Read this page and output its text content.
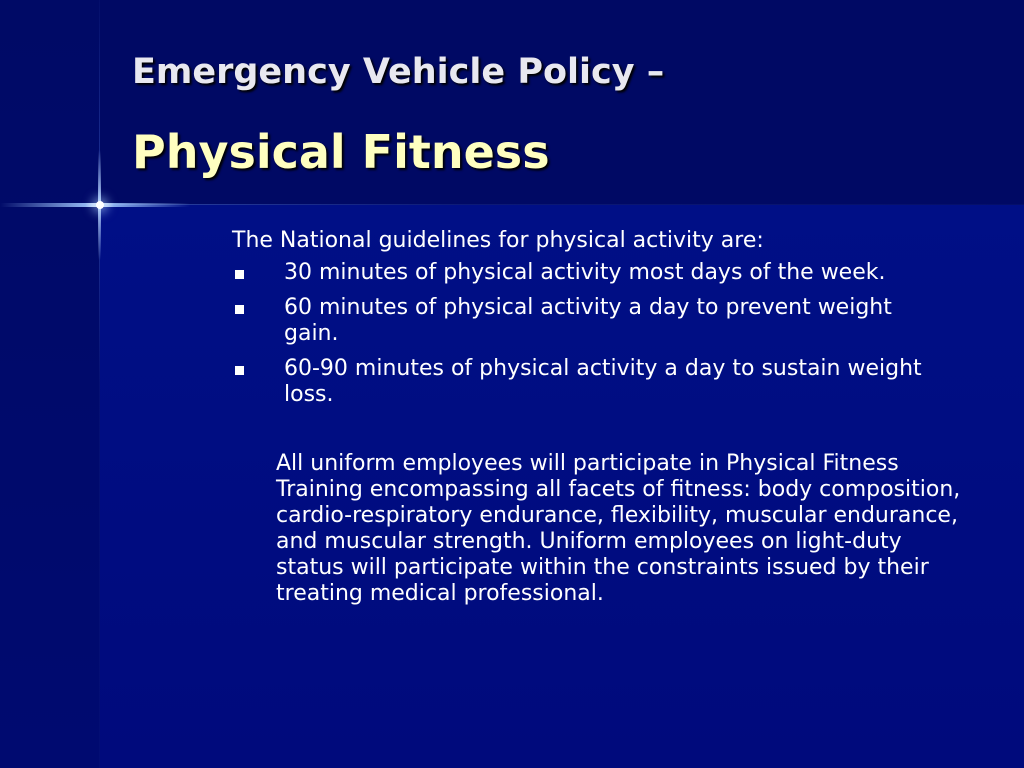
Emergency Vehicle Policy –
Physical Fitness
The National guidelines for physical activity are:
30 minutes of physical activity most days of the week.
60 minutes of physical activity a day to prevent weight gain.
60-90 minutes of physical activity a day to sustain weight loss.
All uniform employees will participate in Physical Fitness Training encompassing all facets of fitness: body composition, cardio-respiratory endurance, flexibility, muscular endurance, and muscular strength. Uniform employees on light-duty status will participate within the constraints issued by their treating medical professional.
